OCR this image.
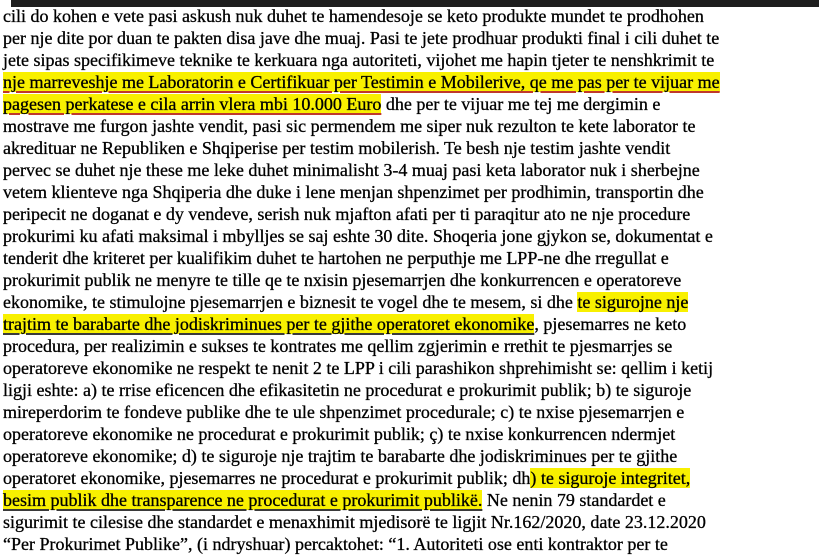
cili do kohen e vete pasi askush nuk duhet te hamendesoje se keto produkte mundet te prodhohen
per nje dite por duan te pakten disa jave dhe muaj. Pasi te jete prodhuar produkti final i cili duhet te
jete sipas specifikimeve teknike te kerkuara nga autoriteti, vijohet me hapin tjeter te nenshkrimit te
nje marreveshje me Laboratorin e Certifikuar per Testimin e Mobilerive, qe me pas per te vijuar me
pagesen perkatese e cila arrin vlera mbi 10.000 Euro dhe per te vijuar me tej me dergimin e
mostrave me furgon jashte vendit, pasi sic permendem me siper nuk rezulton te kete laborator te
akredituar ne Republiken e Shqiperise per testim mobilerish. Te besh nje testim jashte vendit
pervec se duhet nje these me leke duhet minimalisht 3-4 muaj pasi keta laborator nuk i sherbejne
vetem klienteve nga Shqiperia dhe duke i lene menjan shpenzimet per prodhimin, transportin dhe
peripecit ne doganat e dy vendeve, serish nuk mjafton afati per ti paraqitur ato ne nje procedure
prokurimi ku afati maksimal i mbylljes se saj eshte 30 dite. Shoqeria jone gjykon se, dokumentat e
tenderit dhe kriteret per kualifikim duhet te hartohen ne perputhje me LPP-ne dhe rregullat e
prokurimit publik ne menyre te tille qe te nxisin pjesemarrjen dhe konkurrencen e operatoreve
ekonomike, te stimulojne pjesemarrjen e biznesit te vogel dhe te mesem, si dhe te sigurojne nje
trajtim te barabarte dhe jodiskriminues per te gjithe operatoret ekonomike, pjesemarres ne keto
procedura, per realizimin e sukses te kontrates me qellim zgjerimin e rrethit te pjesmarrjes se
operatoreve ekonomike ne respekt te nenit 2 te LPP i cili parashikon shprehimisht se: qellim i ketij
ligji eshte: a) te rrise eficencen dhe efikasitetin ne procedurat e prokurimit publik; b) te siguroje
mireperdorim te fondeve publike dhe te ule shpenzimet procedurale; c) te nxise pjesemarrjen e
operatoreve ekonomike ne procedurat e prokurimit publik; ç) te nxise konkurrencen ndermjet
operatoreve ekonomike; d) te siguroje nje trajtim te barabarte dhe jodiskriminues per te gjithe
operatoret ekonomike, pjesemarres ne procedurat e prokurimit publik; dh) te siguroje integritet,
besim publik dhe transparence ne procedurat e prokurimit publikë. Ne nenin 79 standardet e
sigurimit te cilesise dhe standardet e menaxhimit mjedisorë te ligjit Nr.162/2020, date 23.12.2020
“Per Prokurimet Publike”, (i ndryshuar) percaktohet: “1. Autoriteti ose enti kontraktor per te
